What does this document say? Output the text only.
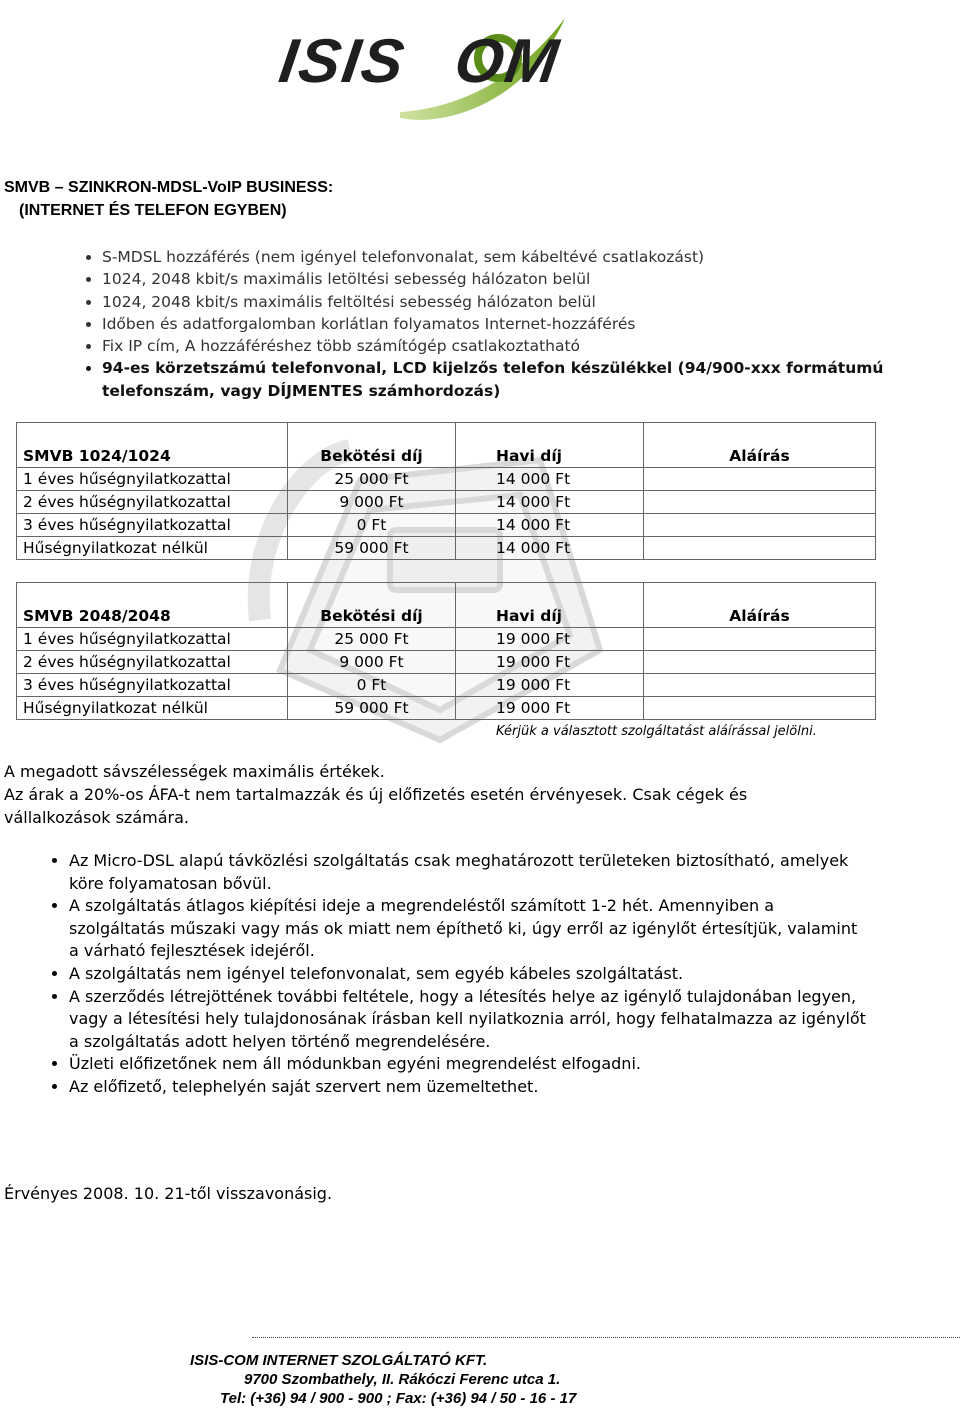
ISIS OM
SMVB – SZINKRON-MDSL-VoIP BUSINESS:
(INTERNET ÉS TELEFON EGYBEN)
• S-MDSL hozzáférés (nem igényel telefonvonalat, sem kábeltévé csatlakozást)
• 1024, 2048 kbit/s maximális letöltési sebesség hálózaton belül
• 1024, 2048 kbit/s maximális feltöltési sebesség hálózaton belül
• Időben és adatforgalomban korlátlan folyamatos Internet-hozzáférés
• Fix IP cím, A hozzáféréshez több számítógép csatlakoztatható
• 94-es körzetszámú telefonvonal, LCD kijelzős telefon készülékkel (94/900-xxx formátumú telefonszám, vagy DÍJMENTES számhordozás)
SMVB 1024/1024	Bekötési díj	Havi díj	Aláírás
1 éves hűségnyilatkozattal	25 000 Ft	14 000 Ft	
2 éves hűségnyilatkozattal	9 000 Ft	14 000 Ft	
3 éves hűségnyilatkozattal	0 Ft	14 000 Ft	
Hűségnyilatkozat nélkül	59 000 Ft	14 000 Ft	
SMVB 2048/2048	Bekötési díj	Havi díj	Aláírás
1 éves hűségnyilatkozattal	25 000 Ft	19 000 Ft	
2 éves hűségnyilatkozattal	9 000 Ft	19 000 Ft	
3 éves hűségnyilatkozattal	0 Ft	19 000 Ft	
Hűségnyilatkozat nélkül	59 000 Ft	19 000 Ft	
Kérjük a választott szolgáltatást aláírással jelölni.
A megadott sávszélességek maximális értékek.
Az árak a 20%-os ÁFA-t nem tartalmazzák és új előfizetés esetén érvényesek. Csak cégek és vállalkozások számára.
• Az Micro-DSL alapú távközlési szolgáltatás csak meghatározott területeken biztosítható, amelyek köre folyamatosan bővül.
• A szolgáltatás átlagos kiépítési ideje a megrendeléstől számított 1-2 hét. Amennyiben a szolgáltatás műszaki vagy más ok miatt nem építhető ki, úgy erről az igénylőt értesítjük, valamint a várható fejlesztések idejéről.
• A szolgáltatás nem igényel telefonvonalat, sem egyéb kábeles szolgáltatást.
• A szerződés létrejöttének további feltétele, hogy a létesítés helye az igénylő tulajdonában legyen, vagy a létesítési hely tulajdonosának írásban kell nyilatkoznia arról, hogy felhatalmazza az igénylőt a szolgáltatás adott helyen történő megrendelésére.
• Üzleti előfizetőnek nem áll módunkban egyéni megrendelést elfogadni.
• Az előfizető, telephelyén saját szervert nem üzemeltethet.
Érvényes 2008. 10. 21-től visszavonásig.
ISIS-COM INTERNET SZOLGÁLTATÓ KFT.
9700 Szombathely, II. Rákóczi Ferenc utca 1.
Tel: (+36) 94 / 900 - 900 ; Fax: (+36) 94 / 50 - 16 - 17
